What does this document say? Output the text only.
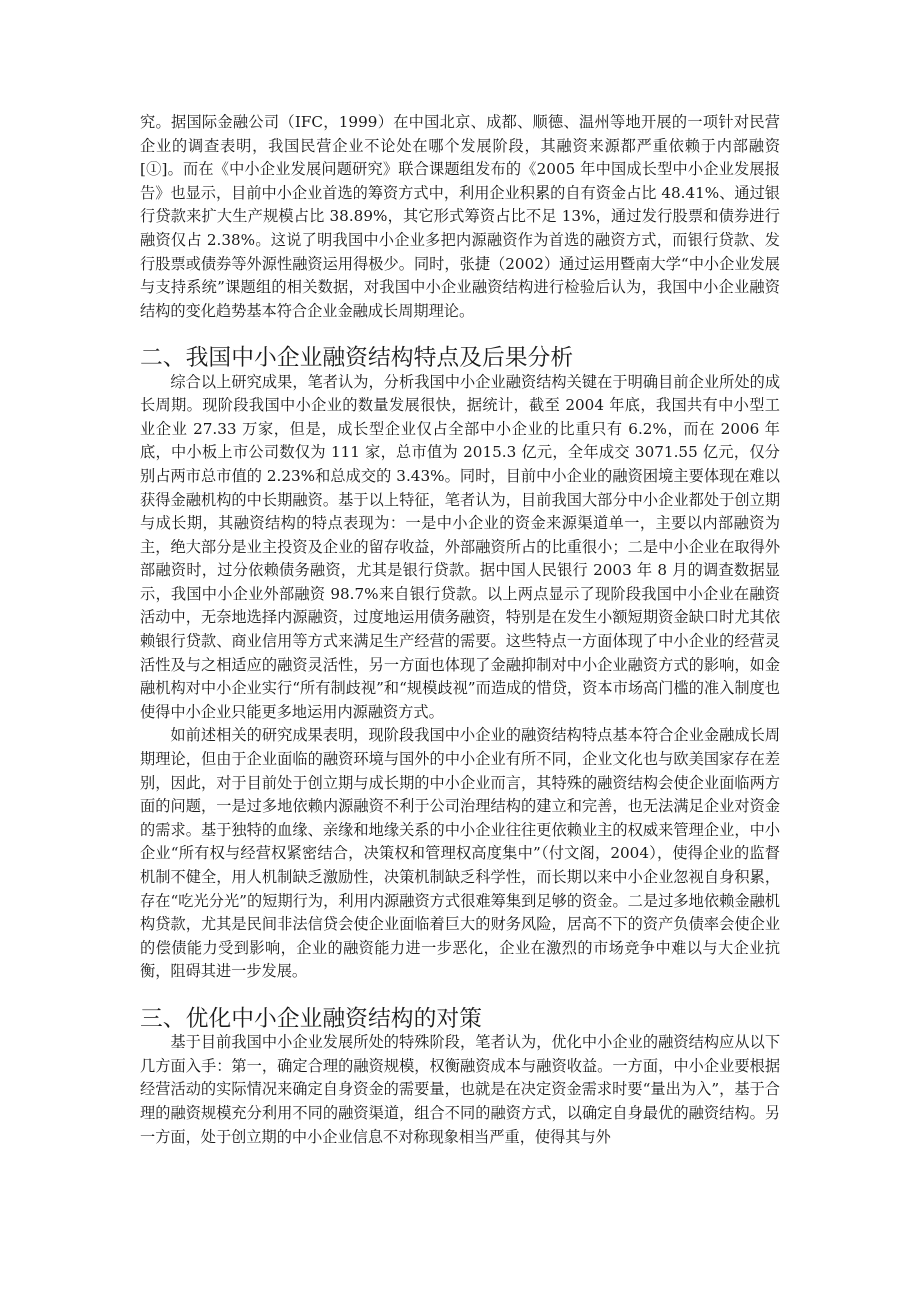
究。据国际金融公司（IFC，1999）在中国北京、成都、顺德、温州等地开展的一项针对民营企业的调查表明，我国民营企业不论处在哪个发展阶段，其融资来源都严重依赖于内部融资 [①]。而在《中小企业发展问题研究》联合课题组发布的《2005 年中国成长型中小企业发展报告》也显示，目前中小企业首选的筹资方式中，利用企业积累的自有资金占比 48.41%、通过银行贷款来扩大生产规模占比 38.89%，其它形式筹资占比不足 13%，通过发行股票和债券进行融资仅占 2.38%。这说了明我国中小企业多把内源融资作为首选的融资方式，而银行贷款、发行股票或债券等外源性融资运用得极少。同时，张捷（2002）通过运用暨南大学“中小企业发展与支持系统”课题组的相关数据，对我国中小企业融资结构进行检验后认为，我国中小企业融资结构的变化趋势基本符合企业金融成长周期理论。

二、我国中小企业融资结构特点及后果分析

综合以上研究成果，笔者认为，分析我国中小企业融资结构关键在于明确目前企业所处的成长周期。现阶段我国中小企业的数量发展很快，据统计，截至 2004 年底，我国共有中小型工业企业 27.33 万家，但是，成长型企业仅占全部中小企业的比重只有 6.2%，而在 2006 年底，中小板上市公司数仅为 111 家，总市值为 2015.3 亿元，全年成交 3071.55 亿元，仅分别占两市总市值的 2.23%和总成交的 3.43%。同时，目前中小企业的融资困境主要体现在难以获得金融机构的中长期融资。基于以上特征，笔者认为，目前我国大部分中小企业都处于创立期与成长期，其融资结构的特点表现为：一是中小企业的资金来源渠道单一，主要以内部融资为主，绝大部分是业主投资及企业的留存收益，外部融资所占的比重很小；二是中小企业在取得外部融资时，过分依赖债务融资，尤其是银行贷款。据中国人民银行 2003 年 8 月的调查数据显示，我国中小企业外部融资 98.7%来自银行贷款。以上两点显示了现阶段我国中小企业在融资活动中，无奈地选择内源融资，过度地运用债务融资，特别是在发生小额短期资金缺口时尤其依赖银行贷款、商业信用等方式来满足生产经营的需要。这些特点一方面体现了中小企业的经营灵活性及与之相适应的融资灵活性，另一方面也体现了金融抑制对中小企业融资方式的影响，如金融机构对中小企业实行“所有制歧视”和“规模歧视”而造成的惜贷，资本市场高门槛的准入制度也使得中小企业只能更多地运用内源融资方式。

如前述相关的研究成果表明，现阶段我国中小企业的融资结构特点基本符合企业金融成长周期理论，但由于企业面临的融资环境与国外的中小企业有所不同，企业文化也与欧美国家存在差别，因此，对于目前处于创立期与成长期的中小企业而言，其特殊的融资结构会使企业面临两方面的问题，一是过多地依赖内源融资不利于公司治理结构的建立和完善，也无法满足企业对资金的需求。基于独特的血缘、亲缘和地缘关系的中小企业往往更依赖业主的权威来管理企业，中小企业“所有权与经营权紧密结合，决策权和管理权高度集中”（付文阁，2004），使得企业的监督机制不健全，用人机制缺乏激励性，决策机制缺乏科学性，而长期以来中小企业忽视自身积累，存在“吃光分光”的短期行为，利用内源融资方式很难筹集到足够的资金。二是过多地依赖金融机构贷款，尤其是民间非法信贷会使企业面临着巨大的财务风险，居高不下的资产负债率会使企业的偿债能力受到影响，企业的融资能力进一步恶化，企业在激烈的市场竞争中难以与大企业抗衡，阻碍其进一步发展。

三、优化中小企业融资结构的对策

基于目前我国中小企业发展所处的特殊阶段，笔者认为，优化中小企业的融资结构应从以下几方面入手：第一，确定合理的融资规模，权衡融资成本与融资收益。一方面，中小企业要根据经营活动的实际情况来确定自身资金的需要量，也就是在决定资金需求时要“量出为入”，基于合理的融资规模充分利用不同的融资渠道，组合不同的融资方式，以确定自身最优的融资结构。另一方面，处于创立期的中小企业信息不对称现象相当严重，使得其与外
